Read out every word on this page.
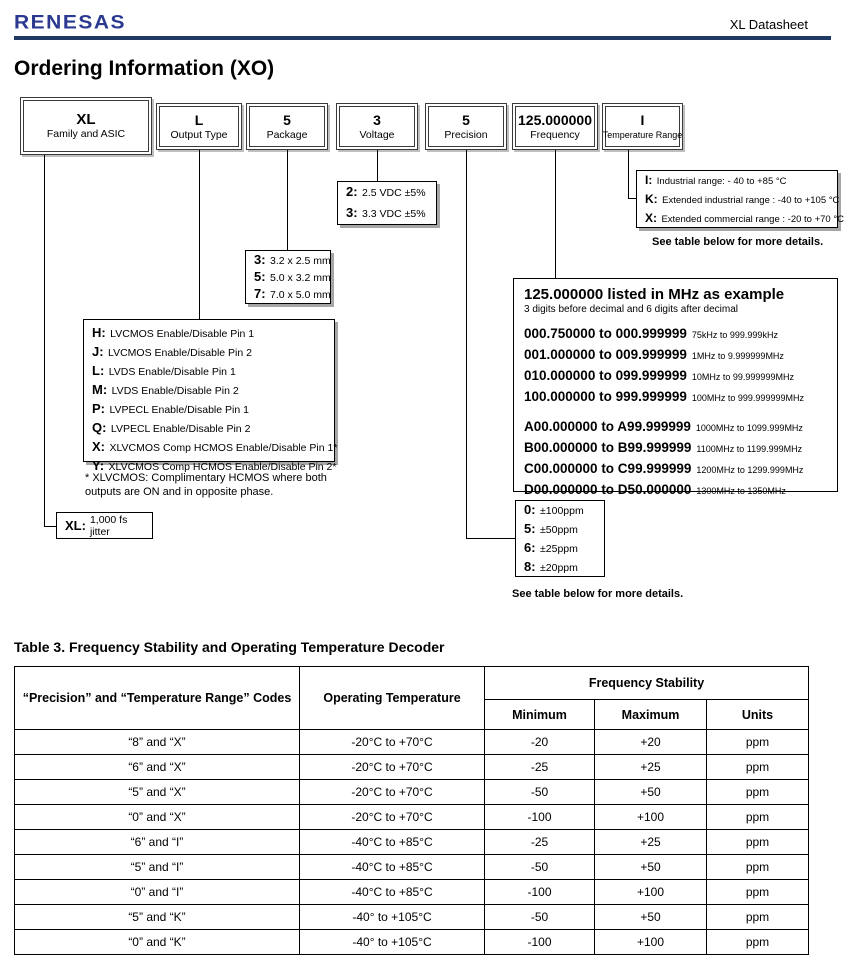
RENESAS	XL Datasheet
Ordering Information (XO)
XL
Family and ASIC
L
Output Type
5
Package
3
Voltage
5
Precision
125.000000
Frequency
I
Temperature Range
I: Industrial range: - 40 to +85 °C
K: Extended industrial range : -40 to +105 °C
X: Extended commercial range : -20 to +70 °C
See table below for more details.
2: 2.5 VDC ±5%
3: 3.3 VDC ±5%
3: 3.2 x 2.5 mm
5: 5.0 x 3.2 mm
7: 7.0 x 5.0 mm
H: LVCMOS Enable/Disable Pin 1
J: LVCMOS Enable/Disable Pin 2
L: LVDS Enable/Disable Pin 1
M: LVDS Enable/Disable Pin 2
P: LVPECL Enable/Disable Pin 1
Q: LVPECL Enable/Disable Pin 2
X: XLVCMOS Comp HCMOS Enable/Disable Pin 1*
Y: XLVCMOS Comp HCMOS Enable/Disable Pin 2*
* XLVCMOS: Complimentary HCMOS where both
outputs are ON and in opposite phase.
XL: 1,000 fs jitter
125.000000 listed in MHz as example
3 digits before decimal and 6 digits after decimal
000.750000 to 000.999999 75kHz to 999.999kHz
001.000000 to 009.999999 1MHz to 9.999999MHz
010.000000 to 099.999999 10MHz to 99.999999MHz
100.000000 to 999.999999 100MHz to 999.999999MHz
A00.000000 to A99.999999 1000MHz to 1099.999MHz
B00.000000 to B99.999999 1100MHz to 1199.999MHz
C00.000000 to C99.999999 1200MHz to 1299.999MHz
D00.000000 to D50.000000 1300MHz to 1350MHz
0: ±100ppm
5: ±50ppm
6: ±25ppm
8: ±20ppm
See table below for more details.
Table 3. Frequency Stability and Operating Temperature Decoder
“Precision” and “Temperature Range” Codes	Operating Temperature	Frequency Stability		
		Minimum	Maximum	Units
“8” and “X”	-20°C to +70°C	-20	+20	ppm
“6” and “X”	-20°C to +70°C	-25	+25	ppm
“5” and “X”	-20°C to +70°C	-50	+50	ppm
“0” and “X”	-20°C to +70°C	-100	+100	ppm
“6” and “I”	-40°C to +85°C	-25	+25	ppm
“5” and “I”	-40°C to +85°C	-50	+50	ppm
“0” and “I”	-40°C to +85°C	-100	+100	ppm
“5” and “K”	-40° to +105°C	-50	+50	ppm
“0” and “K”	-40° to +105°C	-100	+100	ppm
